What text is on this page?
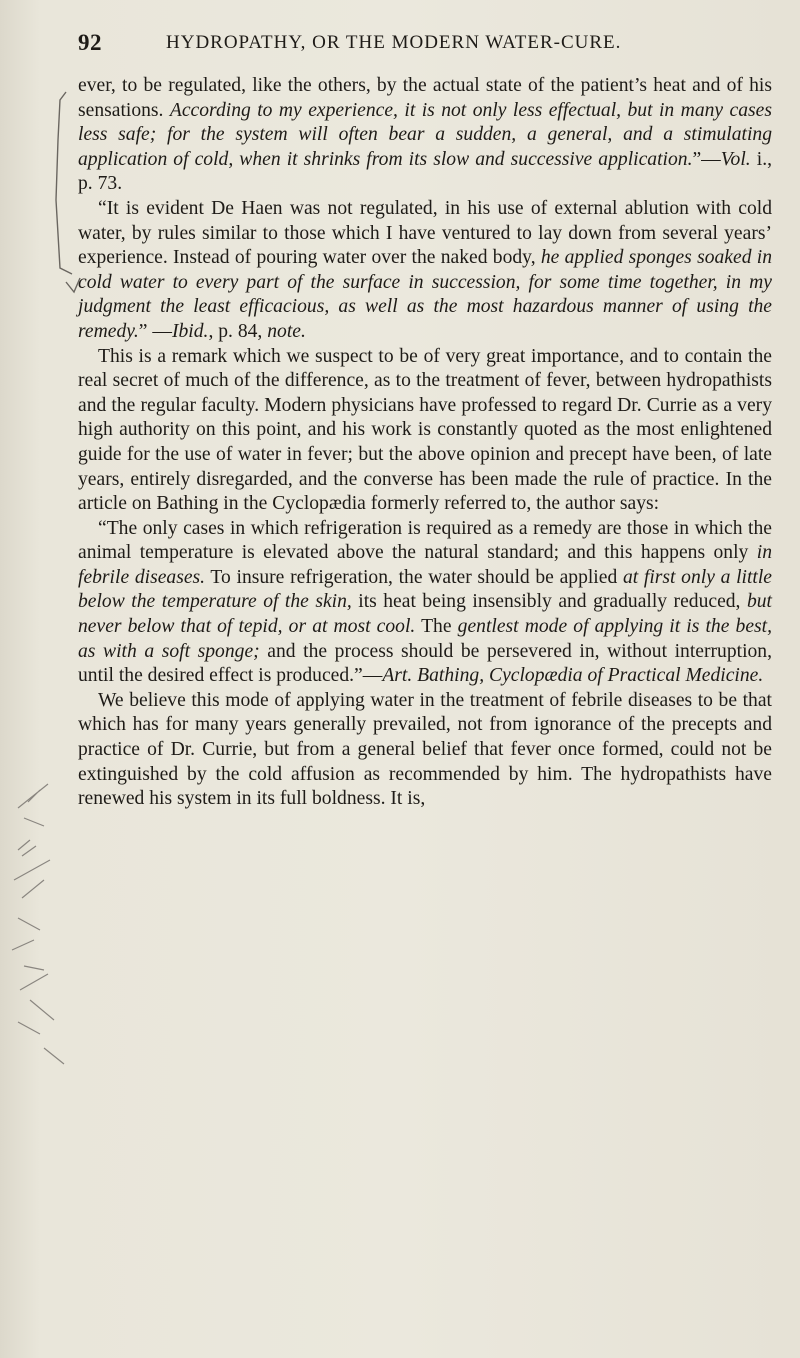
92	HYDROPATHY, OR THE MODERN WATER-CURE.

ever, to be regulated, like the others, by the actual state of the patient’s heat and of his sensations. According to my experience, it is not only less effectual, but in many cases less safe; for the system will often bear a sudden, a general, and a stimulating application of cold, when it shrinks from its slow and successive application.”—Vol. i., p. 73.

“It is evident De Haen was not regulated, in his use of external ablution with cold water, by rules similar to those which I have ventured to lay down from several years’ experience. Instead of pouring water over the naked body, he applied sponges soaked in cold water to every part of the surface in succession, for some time together, in my judgment the least efficacious, as well as the most hazardous manner of using the remedy.” —Ibid., p. 84, note.

This is a remark which we suspect to be of very great importance, and to contain the real secret of much of the difference, as to the treatment of fever, between hydropathists and the regular faculty. Modern physicians have professed to regard Dr. Currie as a very high authority on this point, and his work is constantly quoted as the most enlightened guide for the use of water in fever; but the above opinion and precept have been, of late years, entirely disregarded, and the converse has been made the rule of practice. In the article on Bathing in the Cyclopædia formerly referred to, the author says:

“The only cases in which refrigeration is required as a remedy are those in which the animal temperature is elevated above the natural standard; and this happens only in febrile diseases. To insure refrigeration, the water should be applied at first only a little below the temperature of the skin, its heat being insensibly and gradually reduced, but never below that of tepid, or at most cool. The gentlest mode of applying it is the best, as with a soft sponge; and the process should be persevered in, without interruption, until the desired effect is produced.”—Art. Bathing, Cyclopædia of Practical Medicine.

We believe this mode of applying water in the treatment of febrile diseases to be that which has for many years generally prevailed, not from ignorance of the precepts and practice of Dr. Currie, but from a general belief that fever once formed, could not be extinguished by the cold affusion as recommended by him. The hydropathists have renewed his system in its full boldness. It is,
